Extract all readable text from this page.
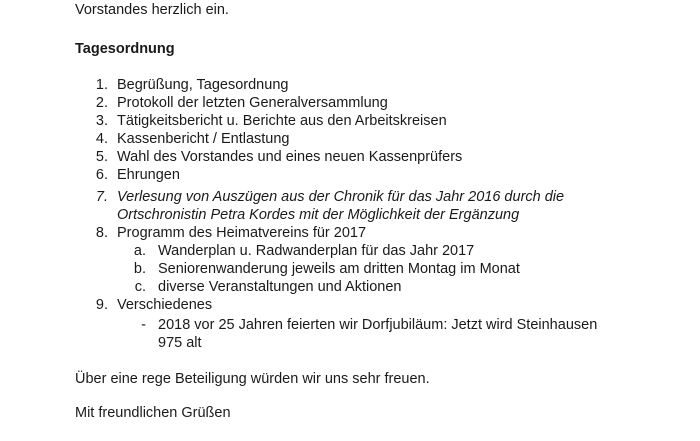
Vorstandes herzlich ein.
Tagesordnung
1. Begrüßung, Tagesordnung
2. Protokoll der letzten Generalversammlung
3. Tätigkeitsbericht u. Berichte aus den Arbeitskreisen
4. Kassenbericht / Entlastung
5. Wahl des Vorstandes und eines neuen Kassenprüfers
6. Ehrungen
7. Verlesung von Auszügen aus der Chronik für das Jahr 2016 durch die
Ortschronistin Petra Kordes mit der Möglichkeit der Ergänzung
8. Programm des Heimatvereins für 2017
a. Wanderplan u. Radwanderplan für das Jahr 2017
b. Seniorenwanderung jeweils am dritten Montag im Monat
c. diverse Veranstaltungen und Aktionen
9. Verschiedenes
- 2018 vor 25 Jahren feierten wir Dorfjubiläum: Jetzt wird Steinhausen
975 alt
Über eine rege Beteiligung würden wir uns sehr freuen.
Mit freundlichen Grüßen
